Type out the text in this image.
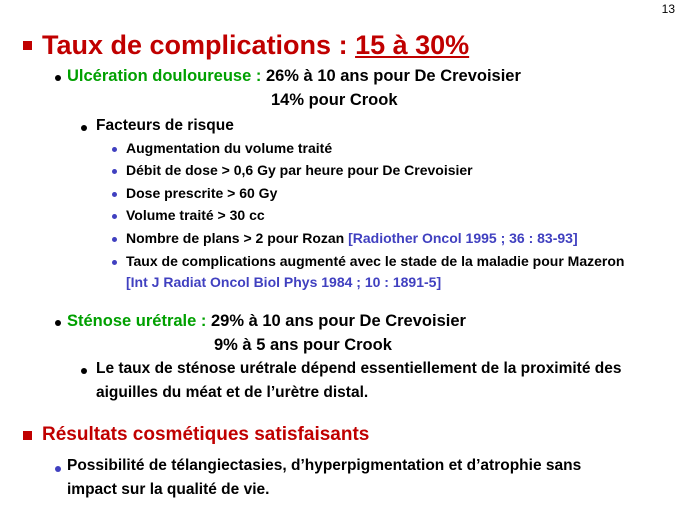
13
Taux de complications : 15 à 30%
Ulcération douloureuse : 26% à 10 ans pour De Crevoisier
14% pour Crook
Facteurs de risque
Augmentation du volume traité
Débit de dose > 0,6 Gy par heure pour De Crevoisier
Dose prescrite > 60 Gy
Volume traité > 30 cc
Nombre de plans > 2 pour Rozan [Radiother Oncol 1995 ; 36 : 83-93]
Taux de complications augmenté avec le stade de la maladie pour Mazeron
[Int J Radiat Oncol Biol Phys 1984 ; 10 : 1891-5]
Sténose urétrale : 29% à 10 ans pour De Crevoisier
9% à 5 ans pour Crook
Le taux de sténose urétrale dépend essentiellement de la proximité des
aiguilles du méat et de l’urètre distal.
Résultats cosmétiques satisfaisants
Possibilité de télangiectasies, d’hyperpigmentation et d’atrophie sans
impact sur la qualité de vie.
